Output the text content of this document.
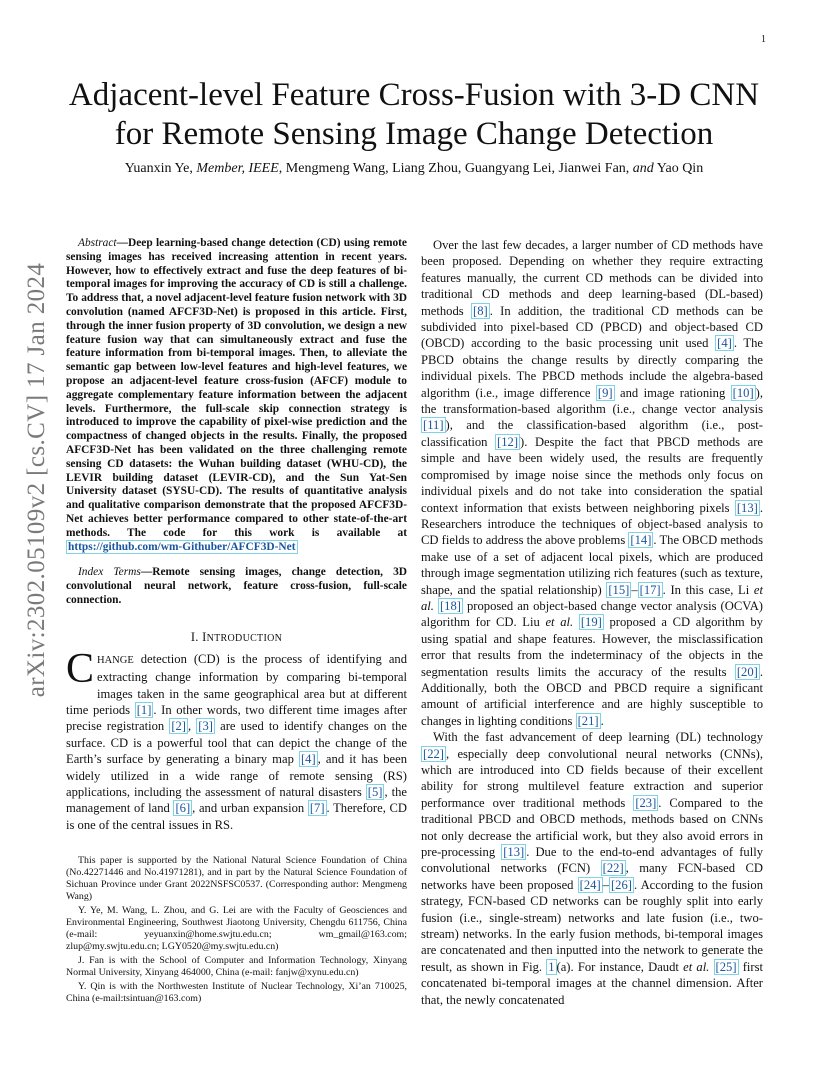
1
arXiv:2302.05109v2 [cs.CV] 17 Jan 2024
Adjacent-level Feature Cross-Fusion with 3-D CNN for Remote Sensing Image Change Detection
Yuanxin Ye, Member, IEEE, Mengmeng Wang, Liang Zhou, Guangyang Lei, Jianwei Fan, and Yao Qin

Abstract—Deep learning-based change detection (CD) using remote sensing images has received increasing attention in recent years. However, how to effectively extract and fuse the deep features of bi-temporal images for improving the accuracy of CD is still a challenge. To address that, a novel adjacent-level feature fusion network with 3D convolution (named AFCF3D-Net) is proposed in this article. First, through the inner fusion property of 3D convolution, we design a new feature fusion way that can simultaneously extract and fuse the feature information from bi-temporal images. Then, to alleviate the semantic gap between low-level features and high-level features, we propose an adjacent-level feature cross-fusion (AFCF) module to aggregate complementary feature information between the adjacent levels. Furthermore, the full-scale skip connection strategy is introduced to improve the capability of pixel-wise prediction and the compactness of changed objects in the results. Finally, the proposed AFCF3D-Net has been validated on the three challenging remote sensing CD datasets: the Wuhan building dataset (WHU-CD), the LEVIR building dataset (LEVIR-CD), and the Sun Yat-Sen University dataset (SYSU-CD). The results of quantitative analysis and qualitative comparison demonstrate that the proposed AFCF3D-Net achieves better performance compared to other state-of-the-art methods. The code for this work is available at https://github.com/wm-Githuber/AFCF3D-Net

Index Terms—Remote sensing images, change detection, 3D convolutional neural network, feature cross-fusion, full-scale connection.

I. INTRODUCTION

CHANGE detection (CD) is the process of identifying and extracting change information by comparing bi-temporal images taken in the same geographical area but at different time periods [1] . In other words, two different time images after precise registration [2] , [3] are used to identify changes on the surface. CD is a powerful tool that can depict the change of the Earth’s surface by generating a binary map [4] , and it has been widely utilized in a wide range of remote sensing (RS) applications, including the assessment of natural disasters [5] , the management of land [6] , and urban expansion [7] . Therefore, CD is one of the central issues in RS.

This paper is supported by the National Natural Science Foundation of China (No.42271446 and No.41971281), and in part by the Natural Science Foundation of Sichuan Province under Grant 2022NSFSC0537. (Corresponding author: Mengmeng Wang)

Y. Ye, M. Wang, L. Zhou, and G. Lei are with the Faculty of Geosciences and Environmental Engineering, Southwest Jiaotong University, Chengdu 611756, China (e-mail: yeyuanxin@home.swjtu.edu.cn; wm_gmail@163.com; zlup@my.swjtu.edu.cn; LGY0520@my.swjtu.edu.cn)

J. Fan is with the School of Computer and Information Technology, Xinyang Normal University, Xinyang 464000, China (e-mail: fanjw@xynu.edu.cn)

Y. Qin is with the Northwesten Institute of Nuclear Technology, Xi’an 710025, China (e-mail:tsintuan@163.com)

Over the last few decades, a larger number of CD methods have been proposed. Depending on whether they require extracting features manually, the current CD methods can be divided into traditional CD methods and deep learning-based (DL-based) methods [8] . In addition, the traditional CD methods can be subdivided into pixel-based CD (PBCD) and object-based CD (OBCD) according to the basic processing unit used [4] . The PBCD obtains the change results by directly comparing the individual pixels. The PBCD methods include the algebra-based algorithm (i.e., image difference [9] and image rationing [10] ), the transformation-based algorithm (i.e., change vector analysis [11] ), and the classification-based algorithm (i.e., post-classification [12] ). Despite the fact that PBCD methods are simple and have been widely used, the results are frequently compromised by image noise since the methods only focus on individual pixels and do not take into consideration the spatial context information that exists between neighboring pixels [13] . Researchers introduce the techniques of object-based analysis to CD fields to address the above problems [14] . The OBCD methods make use of a set of adjacent local pixels, which are produced through image segmentation utilizing rich features (such as texture, shape, and the spatial relationship) [15] – [17] . In this case, Li et al. [18] proposed an object-based change vector analysis (OCVA) algorithm for CD. Liu et al. [19] proposed a CD algorithm by using spatial and shape features. However, the misclassification error that results from the indeterminacy of the objects in the segmentation results limits the accuracy of the results [20] . Additionally, both the OBCD and PBCD require a significant amount of artificial interference and are highly susceptible to changes in lighting conditions [21] .

With the fast advancement of deep learning (DL) technology [22] , especially deep convolutional neural networks (CNNs), which are introduced into CD fields because of their excellent ability for strong multilevel feature extraction and superior performance over traditional methods [23] . Compared to the traditional PBCD and OBCD methods, methods based on CNNs not only decrease the artificial work, but they also avoid errors in pre-processing [13] . Due to the end-to-end advantages of fully convolutional networks (FCN) [22] , many FCN-based CD networks have been proposed [24] – [26] . According to the fusion strategy, FCN-based CD networks can be roughly split into early fusion (i.e., single-stream) networks and late fusion (i.e., two-stream) networks. In the early fusion methods, bi-temporal images are concatenated and then inputted into the network to generate the result, as shown in Fig. 1 (a). For instance, Daudt et al. [25] first concatenated bi-temporal images at the channel dimension. After that, the newly concatenated
